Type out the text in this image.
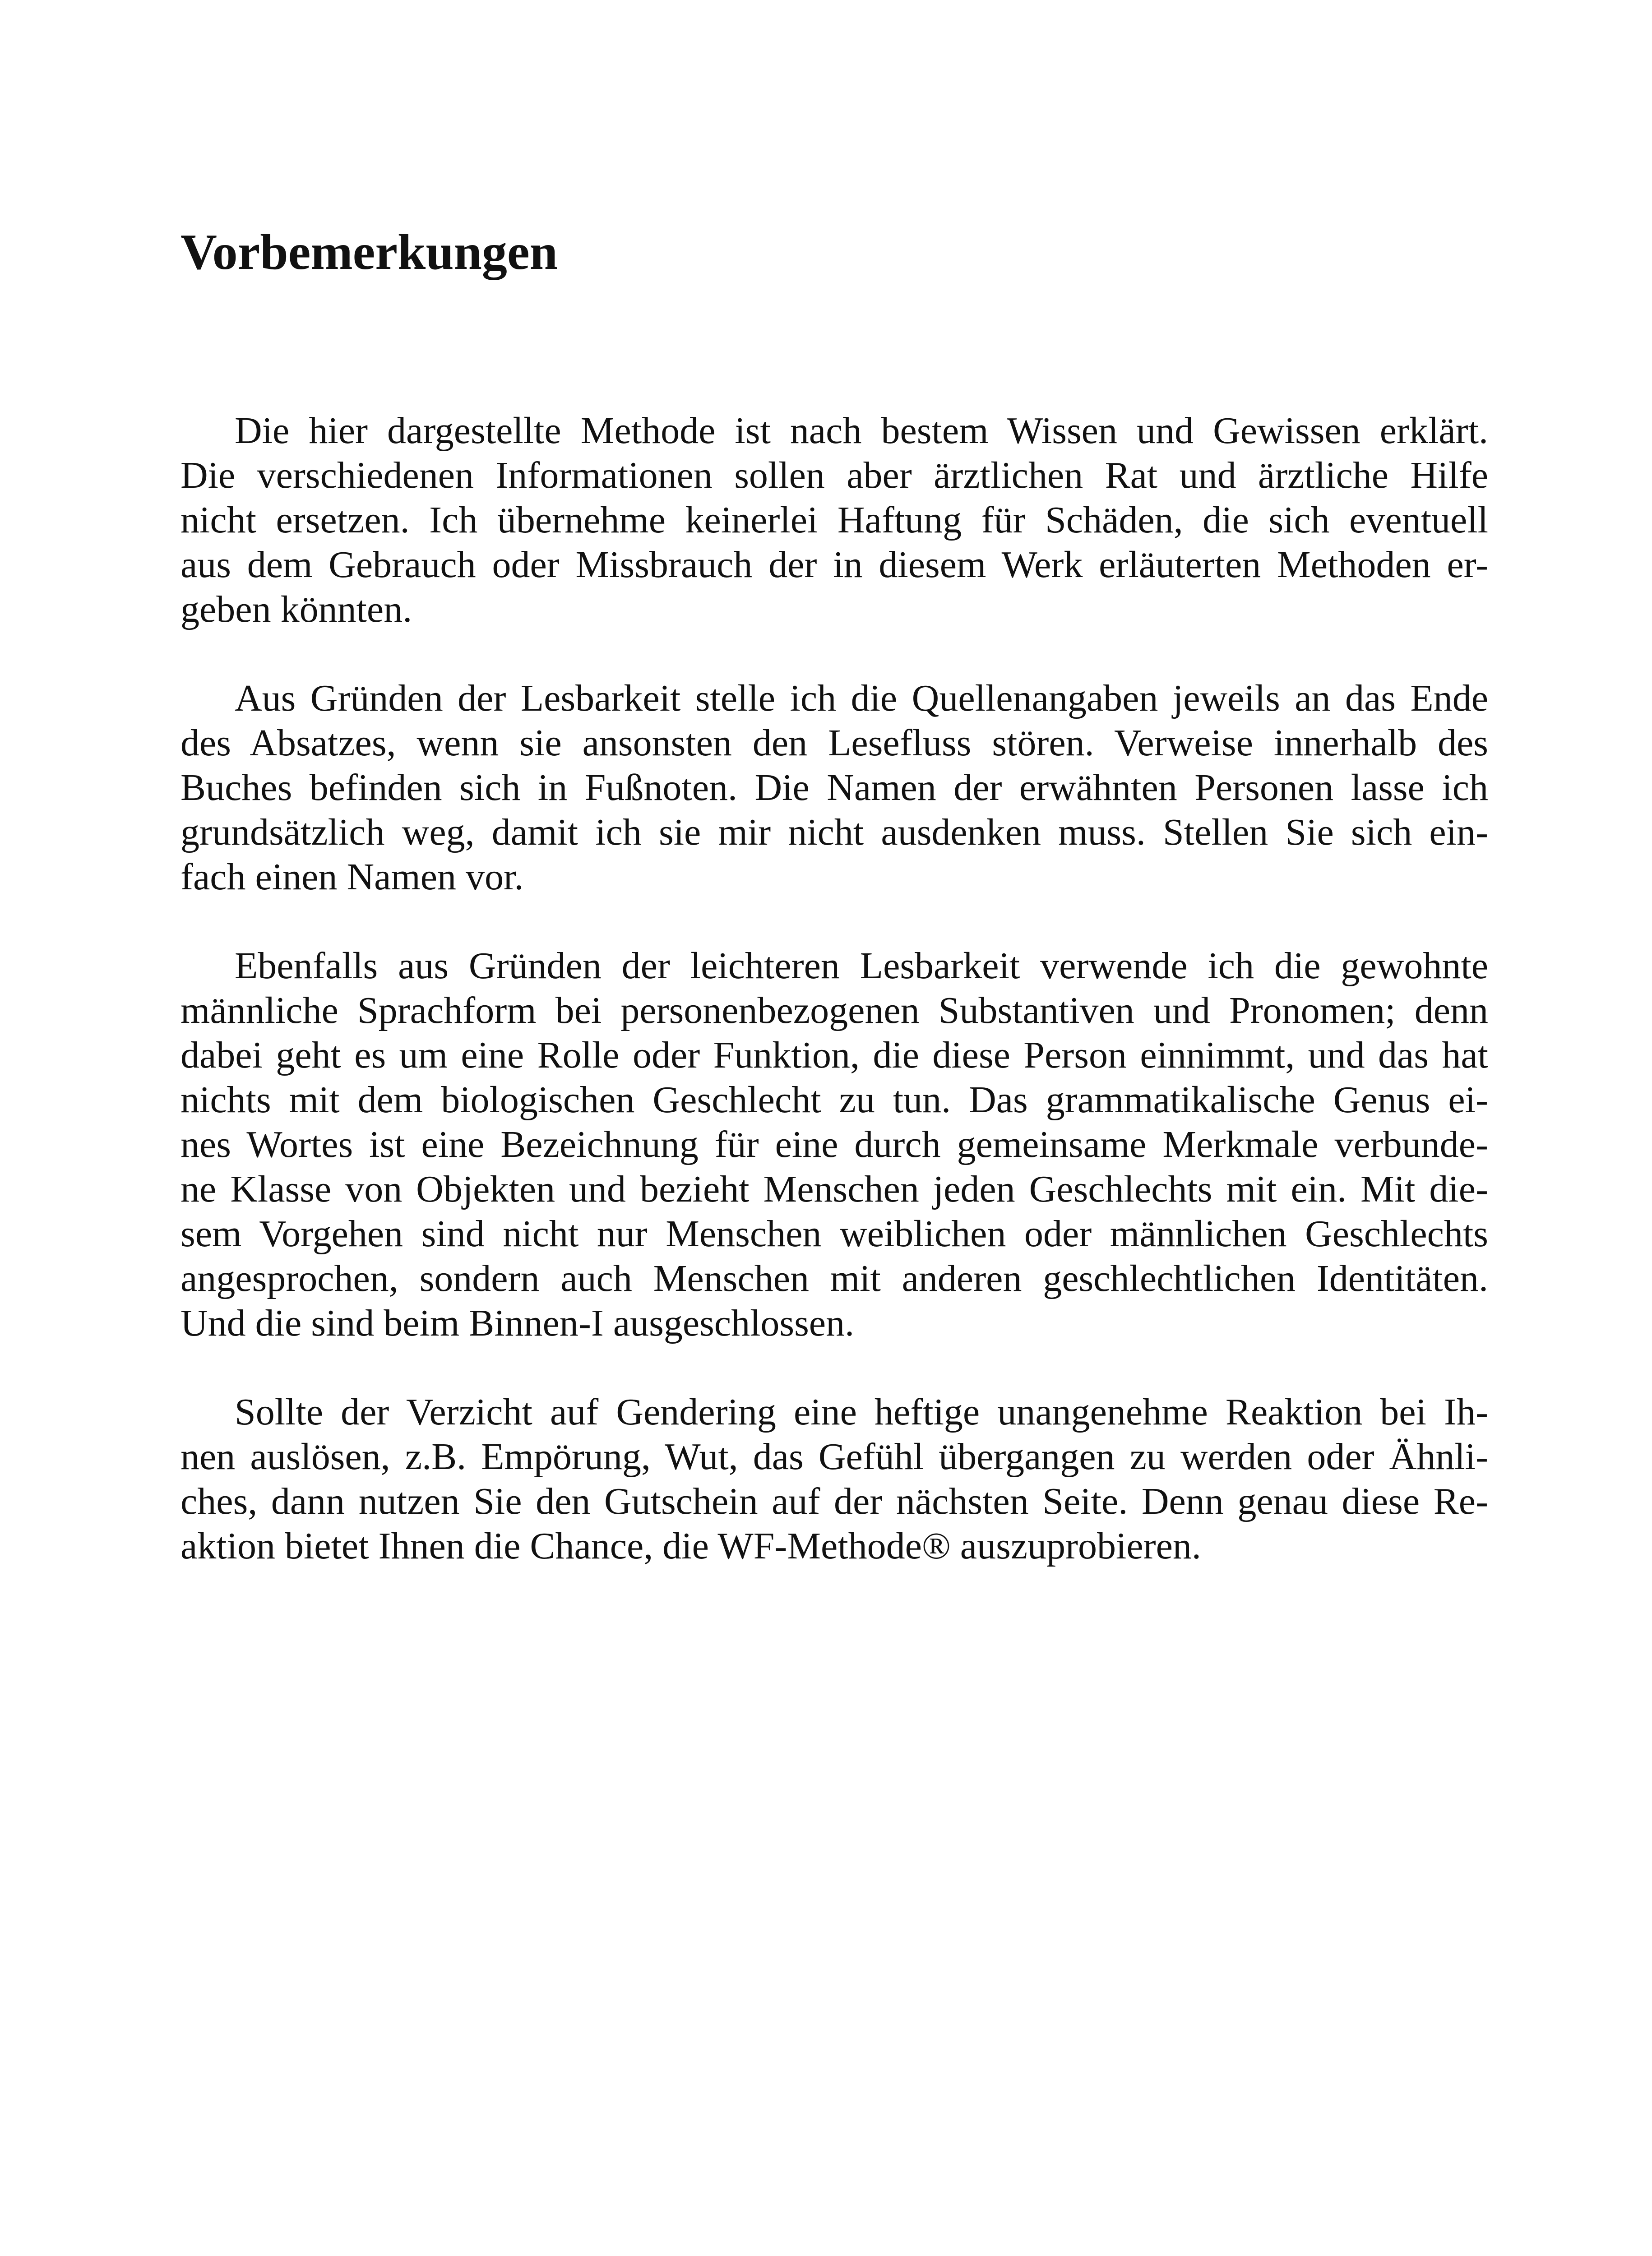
Vorbemerkungen

Die hier dargestellte Methode ist nach bestem Wissen und Gewissen erklärt.
Die verschiedenen Informationen sollen aber ärztlichen Rat und ärztliche Hilfe
nicht ersetzen. Ich übernehme keinerlei Haftung für Schäden, die sich eventuell
aus dem Gebrauch oder Missbrauch der in diesem Werk erläuterten Methoden er-
geben könnten.

Aus Gründen der Lesbarkeit stelle ich die Quellenangaben jeweils an das Ende
des Absatzes, wenn sie ansonsten den Lesefluss stören. Verweise innerhalb des
Buches befinden sich in Fußnoten. Die Namen der erwähnten Personen lasse ich
grundsätzlich weg, damit ich sie mir nicht ausdenken muss. Stellen Sie sich ein-
fach einen Namen vor.

Ebenfalls aus Gründen der leichteren Lesbarkeit verwende ich die gewohnte
männliche Sprachform bei personenbezogenen Substantiven und Pronomen; denn
dabei geht es um eine Rolle oder Funktion, die diese Person einnimmt, und das hat
nichts mit dem biologischen Geschlecht zu tun. Das grammatikalische Genus ei-
nes Wortes ist eine Bezeichnung für eine durch gemeinsame Merkmale verbunde-
ne Klasse von Objekten und bezieht Menschen jeden Geschlechts mit ein. Mit die-
sem Vorgehen sind nicht nur Menschen weiblichen oder männlichen Geschlechts
angesprochen, sondern auch Menschen mit anderen geschlechtlichen Identitäten.
Und die sind beim Binnen-I ausgeschlossen.

Sollte der Verzicht auf Gendering eine heftige unangenehme Reaktion bei Ih-
nen auslösen, z.B. Empörung, Wut, das Gefühl übergangen zu werden oder Ähnli-
ches, dann nutzen Sie den Gutschein auf der nächsten Seite. Denn genau diese Re-
aktion bietet Ihnen die Chance, die WF-Methode® auszuprobieren.
